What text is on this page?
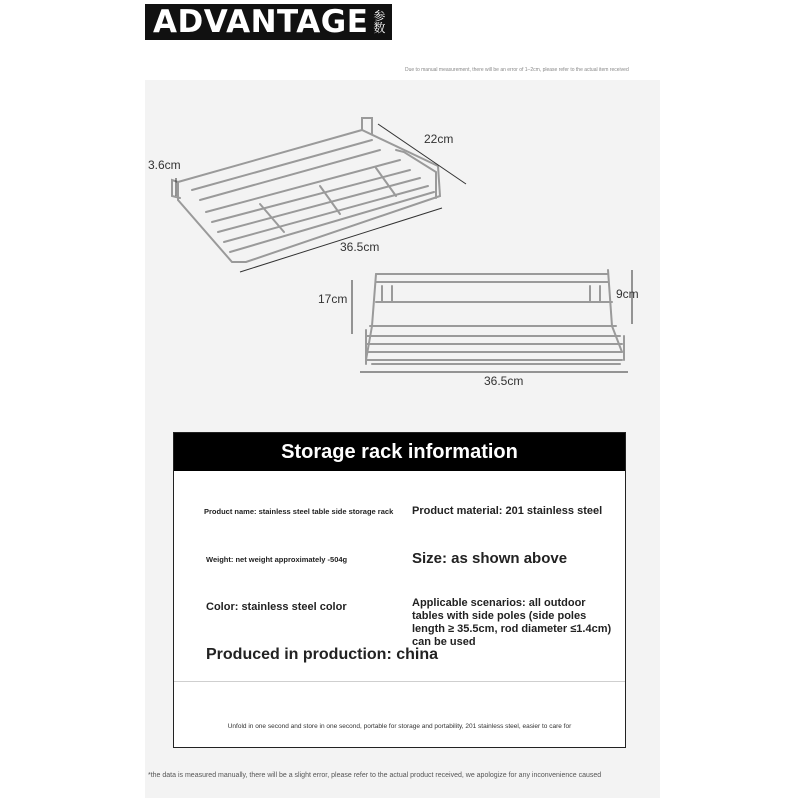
ADVANTAGE 参数
Due to manual measurement, there will be an error of 1–2cm, please refer to the actual item received
22cm
3.6cm
36.5cm
17cm	9cm
36.5cm
Storage rack information
Product name: stainless steel table side storage rack	Product material: 201 stainless steel
Weight: net weight approximately -504g	Size: as shown above
Color: stainless steel color	Applicable scenarios: all outdoor tables with side poles (side poles length ≥ 35.5cm, rod diameter ≤1.4cm) can be used
Produced in production: china
Unfold in one second and store in one second, portable for storage and portability, 201 stainless steel, easier to care for
*the data is measured manually, there will be a slight error, please refer to the actual product received, we apologize for any inconvenience caused
